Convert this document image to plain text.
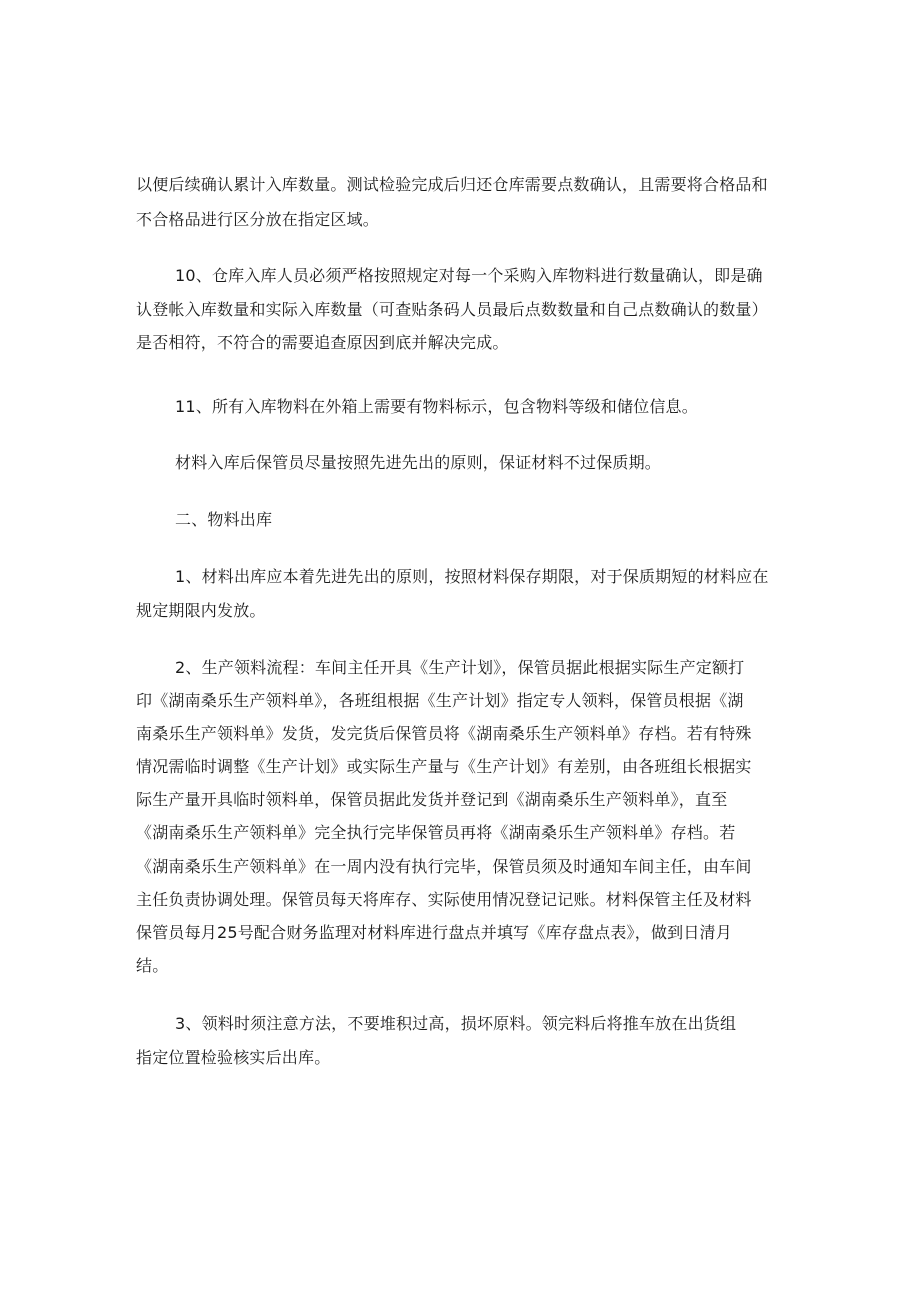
以便后续确认累计入库数量。测试检验完成后归还仓库需要点数确认，且需要将合格品和
不合格品进行区分放在指定区域。
10、仓库入库人员必须严格按照规定对每一个采购入库物料进行数量确认，即是确
认登帐入库数量和实际入库数量（可查贴条码人员最后点数数量和自己点数确认的数量）
是否相符，不符合的需要追查原因到底并解决完成。
11、所有入库物料在外箱上需要有物料标示，包含物料等级和储位信息。
材料入库后保管员尽量按照先进先出的原则，保证材料不过保质期。
二、物料出库
1、材料出库应本着先进先出的原则，按照材料保存期限，对于保质期短的材料应在
规定期限内发放。
2、生产领料流程：车间主任开具《生产计划》，保管员据此根据实际生产定额打
印《湖南桑乐生产领料单》，各班组根据《生产计划》指定专人领料，保管员根据《湖
南桑乐生产领料单》发货，发完货后保管员将《湖南桑乐生产领料单》存档。若有特殊
情况需临时调整《生产计划》或实际生产量与《生产计划》有差别，由各班组长根据实
际生产量开具临时领料单，保管员据此发货并登记到《湖南桑乐生产领料单》，直至
《湖南桑乐生产领料单》完全执行完毕保管员再将《湖南桑乐生产领料单》存档。若
《湖南桑乐生产领料单》在一周内没有执行完毕，保管员须及时通知车间主任，由车间
主任负责协调处理。保管员每天将库存、实际使用情况登记记账。材料保管主任及材料
保管员每月25号配合财务监理对材料库进行盘点并填写《库存盘点表》，做到日清月
结。
3、领料时须注意方法，不要堆积过高，损坏原料。领完料后将推车放在出货组
指定位置检验核实后出库。
